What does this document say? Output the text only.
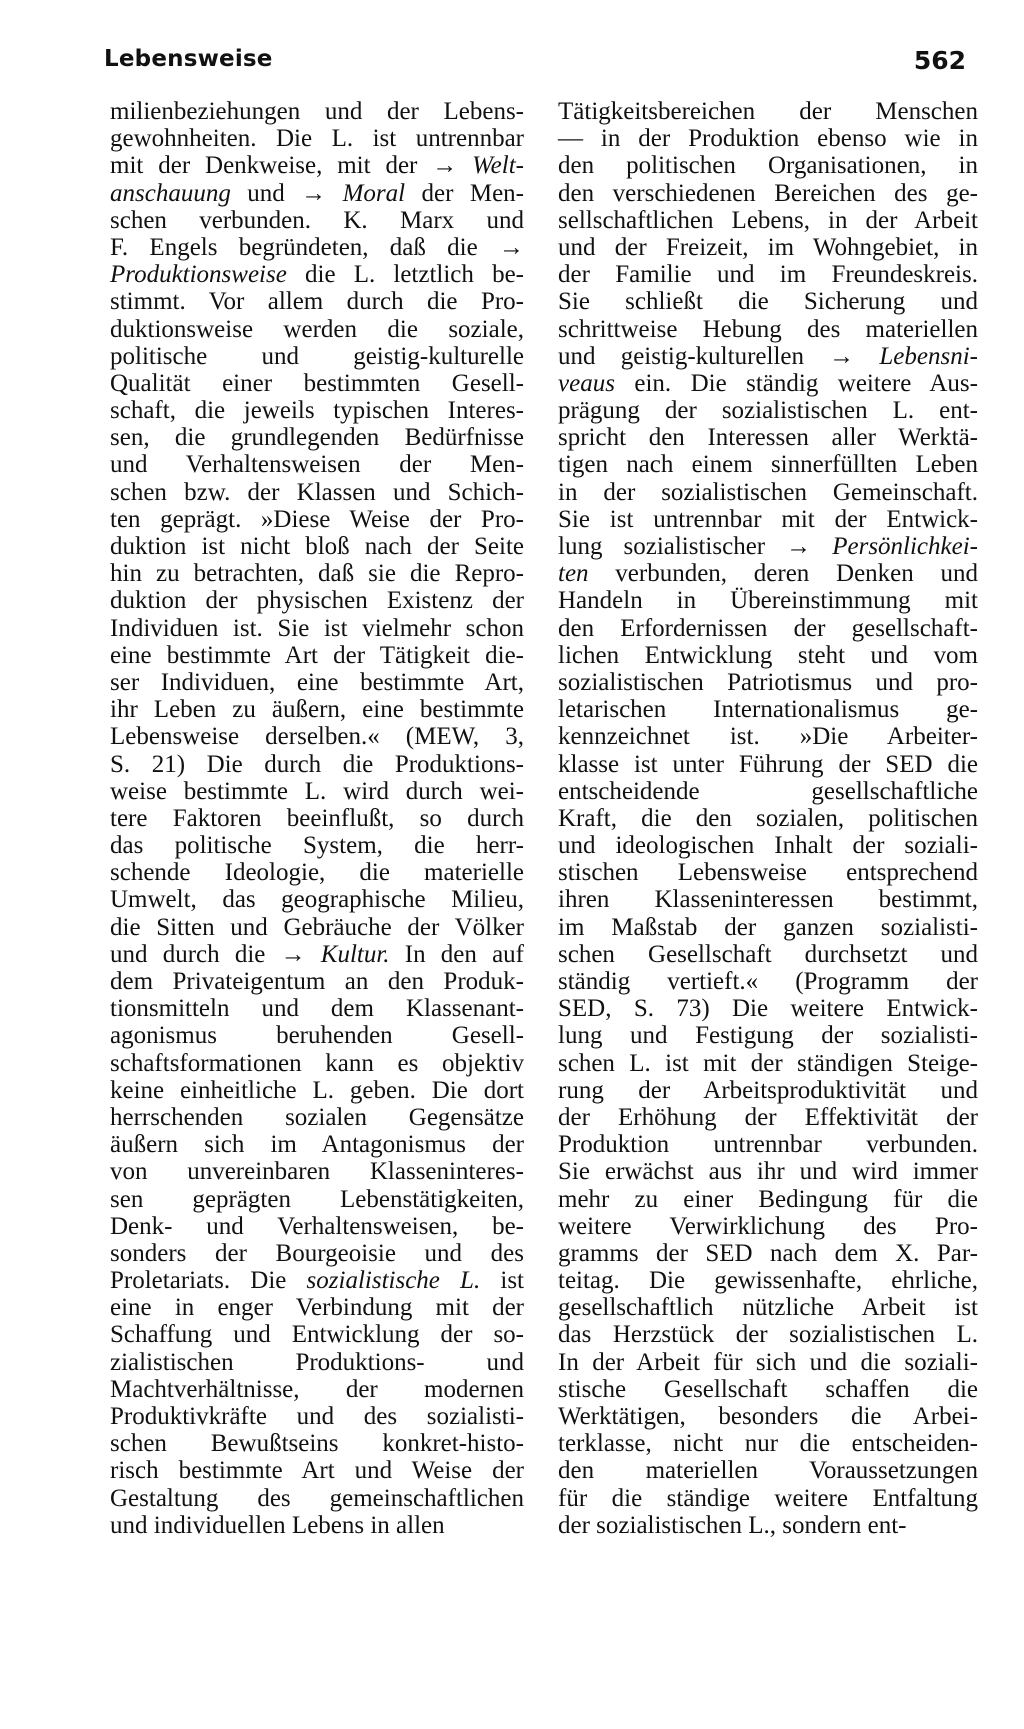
Lebensweise	562
milienbeziehungen und der Lebens-
gewohnheiten. Die L. ist untrennbar
mit der Denkweise, mit der → Welt-
anschauung und → Moral der Men-
schen verbunden. K. Marx und
F. Engels begründeten, daß die →
Produktionsweise die L. letztlich be-
stimmt. Vor allem durch die Pro-
duktionsweise werden die soziale,
politische und geistig-kulturelle
Qualität einer bestimmten Gesell-
schaft, die jeweils typischen Interes-
sen, die grundlegenden Bedürfnisse
und Verhaltensweisen der Men-
schen bzw. der Klassen und Schich-
ten geprägt. »Diese Weise der Pro-
duktion ist nicht bloß nach der Seite
hin zu betrachten, daß sie die Repro-
duktion der physischen Existenz der
Individuen ist. Sie ist vielmehr schon
eine bestimmte Art der Tätigkeit die-
ser Individuen, eine bestimmte Art,
ihr Leben zu äußern, eine bestimmte
Lebensweise derselben.« (MEW, 3,
S. 21) Die durch die Produktions-
weise bestimmte L. wird durch wei-
tere Faktoren beeinflußt, so durch
das politische System, die herr-
schende Ideologie, die materielle
Umwelt, das geographische Milieu,
die Sitten und Gebräuche der Völker
und durch die → Kultur. In den auf
dem Privateigentum an den Produk-
tionsmitteln und dem Klassenant-
agonismus beruhenden Gesell-
schaftsformationen kann es objektiv
keine einheitliche L. geben. Die dort
herrschenden sozialen Gegensätze
äußern sich im Antagonismus der
von unvereinbaren Klasseninteres-
sen geprägten Lebenstätigkeiten,
Denk- und Verhaltensweisen, be-
sonders der Bourgeoisie und des
Proletariats. Die sozialistische L. ist
eine in enger Verbindung mit der
Schaffung und Entwicklung der so-
zialistischen Produktions- und
Machtverhältnisse, der modernen
Produktivkräfte und des sozialisti-
schen Bewußtseins konkret-histo-
risch bestimmte Art und Weise der
Gestaltung des gemeinschaftlichen
und individuellen Lebens in allen
Tätigkeitsbereichen der Menschen
— in der Produktion ebenso wie in
den politischen Organisationen, in
den verschiedenen Bereichen des ge-
sellschaftlichen Lebens, in der Arbeit
und der Freizeit, im Wohngebiet, in
der Familie und im Freundeskreis.
Sie schließt die Sicherung und
schrittweise Hebung des materiellen
und geistig-kulturellen → Lebensni-
veaus ein. Die ständig weitere Aus-
prägung der sozialistischen L. ent-
spricht den Interessen aller Werktä-
tigen nach einem sinnerfüllten Leben
in der sozialistischen Gemeinschaft.
Sie ist untrennbar mit der Entwick-
lung sozialistischer → Persönlichkei-
ten verbunden, deren Denken und
Handeln in Übereinstimmung mit
den Erfordernissen der gesellschaft-
lichen Entwicklung steht und vom
sozialistischen Patriotismus und pro-
letarischen Internationalismus ge-
kennzeichnet ist. »Die Arbeiter-
klasse ist unter Führung der SED die
entscheidende gesellschaftliche
Kraft, die den sozialen, politischen
und ideologischen Inhalt der soziali-
stischen Lebensweise entsprechend
ihren Klasseninteressen bestimmt,
im Maßstab der ganzen sozialisti-
schen Gesellschaft durchsetzt und
ständig vertieft.« (Programm der
SED, S. 73) Die weitere Entwick-
lung und Festigung der sozialisti-
schen L. ist mit der ständigen Steige-
rung der Arbeitsproduktivität und
der Erhöhung der Effektivität der
Produktion untrennbar verbunden.
Sie erwächst aus ihr und wird immer
mehr zu einer Bedingung für die
weitere Verwirklichung des Pro-
gramms der SED nach dem X. Par-
teitag. Die gewissenhafte, ehrliche,
gesellschaftlich nützliche Arbeit ist
das Herzstück der sozialistischen L.
In der Arbeit für sich und die soziali-
stische Gesellschaft schaffen die
Werktätigen, besonders die Arbei-
terklasse, nicht nur die entscheiden-
den materiellen Voraussetzungen
für die ständige weitere Entfaltung
der sozialistischen L., sondern ent-
